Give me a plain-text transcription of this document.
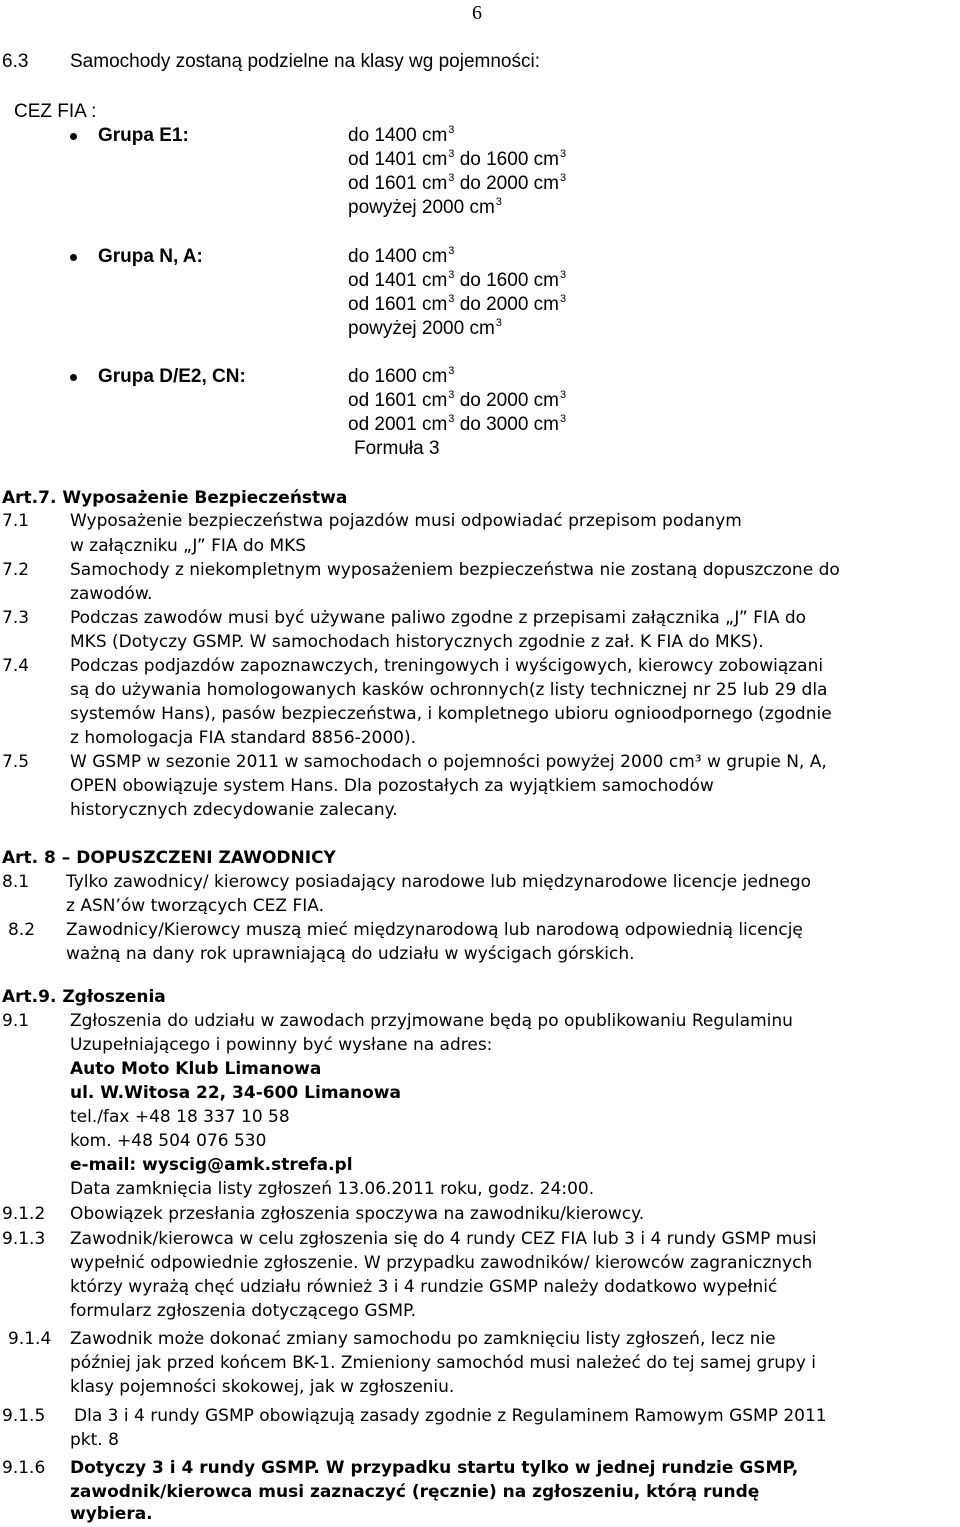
6
6.3 Samochody zostaną podzielne na klasy wg pojemności:
CEZ FIA :
Grupa E1:	do 1400 $cm^3$
od 1401 $cm^3$ do 1600 $cm^3$
od 1601 $cm^3$ do 2000 $cm^3$
powyżej 2000 $cm^3$
Grupa N, A:	do 1400 $cm^3$
od 1401 $cm^3$ do 1600 $cm^3$
od 1601 $cm^3$ do 2000 $cm^3$
powyżej 2000 $cm^3$
Grupa D/E2, CN:	do 1600 $cm^3$
od 1601 $cm^3$ do 2000 $cm^3$
od 2001 $cm^3$ do 3000 $cm^3$
Formuła 3
Art.7. Wyposażenie Bezpieczeństwa
7.1 Wyposażenie bezpieczeństwa pojazdów musi odpowiadać przepisom podanym
w załączniku „J” FIA do MKS
7.2 Samochody z niekompletnym wyposażeniem bezpieczeństwa nie zostaną dopuszczone do
zawodów.
7.3 Podczas zawodów musi być używane paliwo zgodne z przepisami załącznika „J” FIA do
MKS (Dotyczy GSMP. W samochodach historycznych zgodnie z zał. K FIA do MKS).
7.4 Podczas podjazdów zapoznawczych, treningowych i wyścigowych, kierowcy zobowiązani
są do używania homologowanych kasków ochronnych(z listy technicznej nr 25 lub 29 dla
systemów Hans), pasów bezpieczeństwa, i kompletnego ubioru ognioodpornego (zgodnie
z homologacja FIA standard 8856-2000).
7.5 W GSMP w sezonie 2011 w samochodach o pojemności powyżej 2000 cm³ w grupie N, A,
OPEN obowiązuje system Hans. Dla pozostałych za wyjątkiem samochodów
historycznych zdecydowanie zalecany.
Art. 8 – DOPUSZCZENI ZAWODNICY
8.1 Tylko zawodnicy/ kierowcy posiadający narodowe lub międzynarodowe licencje jednego
z ASN’ów tworzących CEZ FIA.
8.2 Zawodnicy/Kierowcy muszą mieć międzynarodową lub narodową odpowiednią licencję
ważną na dany rok uprawniającą do udziału w wyścigach górskich.
Art.9. Zgłoszenia
9.1 Zgłoszenia do udziału w zawodach przyjmowane będą po opublikowaniu Regulaminu
Uzupełniającego i powinny być wysłane na adres:
Auto Moto Klub Limanowa
ul. W.Witosa 22, 34-600 Limanowa
tel./fax +48 18 337 10 58
kom. +48 504 076 530
e-mail: wyscig@amk.strefa.pl
Data zamknięcia listy zgłoszeń 13.06.2011 roku, godz. 24:00.
9.1.2 Obowiązek przesłania zgłoszenia spoczywa na zawodniku/kierowcy.
9.1.3 Zawodnik/kierowca w celu zgłoszenia się do 4 rundy CEZ FIA lub 3 i 4 rundy GSMP musi
wypełnić odpowiednie zgłoszenie. W przypadku zawodników/ kierowców zagranicznych
którzy wyrażą chęć udziału również 3 i 4 rundzie GSMP należy dodatkowo wypełnić
formularz zgłoszenia dotyczącego GSMP.
9.1.4 Zawodnik może dokonać zmiany samochodu po zamknięciu listy zgłoszeń, lecz nie
później jak przed końcem BK-1. Zmieniony samochód musi należeć do tej samej grupy i
klasy pojemności skokowej, jak w zgłoszeniu.
9.1.5 Dla 3 i 4 rundy GSMP obowiązują zasady zgodnie z Regulaminem Ramowym GSMP 2011
pkt. 8
9.1.6 Dotyczy 3 i 4 rundy GSMP. W przypadku startu tylko w jednej rundzie GSMP,
zawodnik/kierowca musi zaznaczyć (ręcznie) na zgłoszeniu, którą rundę
wybiera.
